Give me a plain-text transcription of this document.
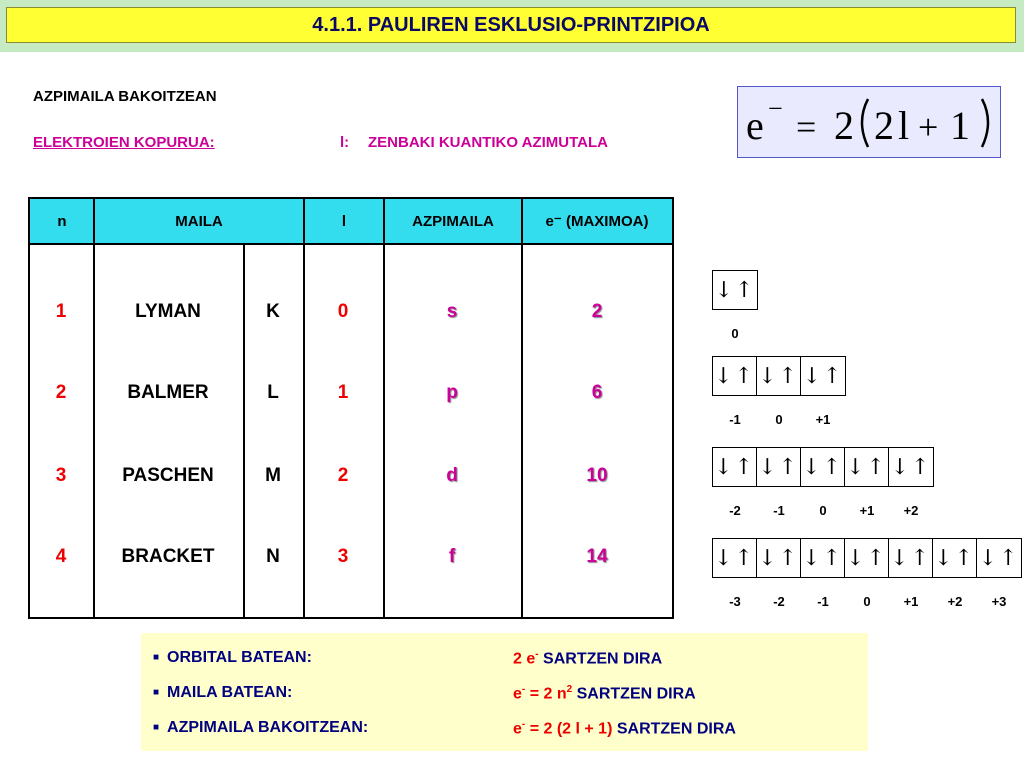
4.1.1. PAULIREN ESKLUSIO-PRINTZIPIOA
AZPIMAILA BAKOITZEAN
ELEKTROIEN KOPURUA:	l: ZENBAKI KUANTIKO AZIMUTALA	e − = 2 2 l + 1
n	MAILA	l	AZPIMAILA	e⁻ (MAXIMOA)
1	LYMAN	K	0	s	2
2	BALMER	L	1	p	6
3	PASCHEN	M	2	d	10
4	BRACKET	N	3	f	14
0
↓↑
-1	0	+1
↓↑ ↓↑ ↓↑
-2	-1	0	+1	+2
↓↑ ↓↑ ↓↑ ↓↑ ↓↑
-3	-2	-1	0	+1	+2	+3
↓↑ ↓↑ ↓↑ ↓↑ ↓↑ ↓↑ ↓↑
■ ORBITAL BATEAN:	2 e- SARTZEN DIRA
■ MAILA BATEAN:	e- = 2 $n^2$ SARTZEN DIRA
■ AZPIMAILA BAKOITZEAN:	e- = 2 (2 l + 1) SARTZEN DIRA
